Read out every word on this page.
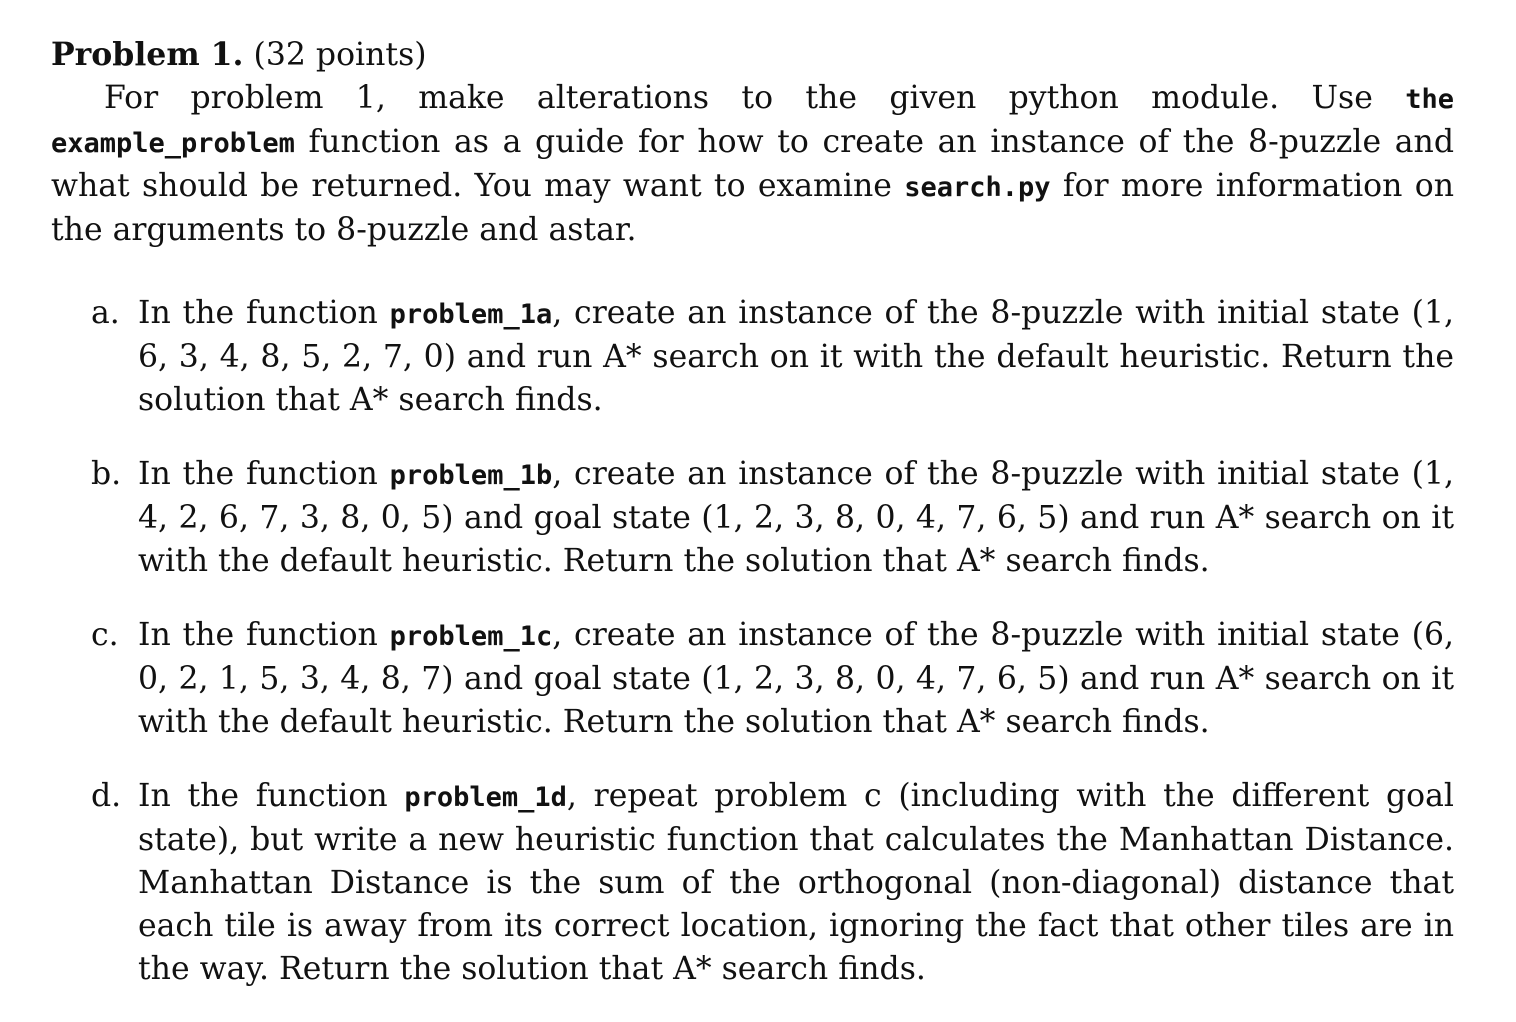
Problem 1. (32 points)

For problem 1, make alterations to the given python module. Use the example_problem function as a guide for how to create an instance of the 8-puzzle and what should be returned. You may want to examine search.py for more information on the arguments to 8-puzzle and astar.

a. In the function problem_1a, create an instance of the 8-puzzle with initial state (1, 6, 3, 4, 8, 5, 2, 7, 0) and run A* search on it with the default heuristic. Return the solution that A* search finds.
b. In the function problem_1b, create an instance of the 8-puzzle with initial state (1, 4, 2, 6, 7, 3, 8, 0, 5) and goal state (1, 2, 3, 8, 0, 4, 7, 6, 5) and run A* search on it with the default heuristic. Return the solution that A* search finds.
c. In the function problem_1c, create an instance of the 8-puzzle with initial state (6, 0, 2, 1, 5, 3, 4, 8, 7) and goal state (1, 2, 3, 8, 0, 4, 7, 6, 5) and run A* search on it with the default heuristic. Return the solution that A* search finds.
d. In the function problem_1d, repeat problem c (including with the different goal state), but write a new heuristic function that calculates the Manhattan Distance. Manhattan Distance is the sum of the orthogonal (non-diagonal) distance that each tile is away from its correct location, ignoring the fact that other tiles are in the way. Return the solution that A* search finds.
